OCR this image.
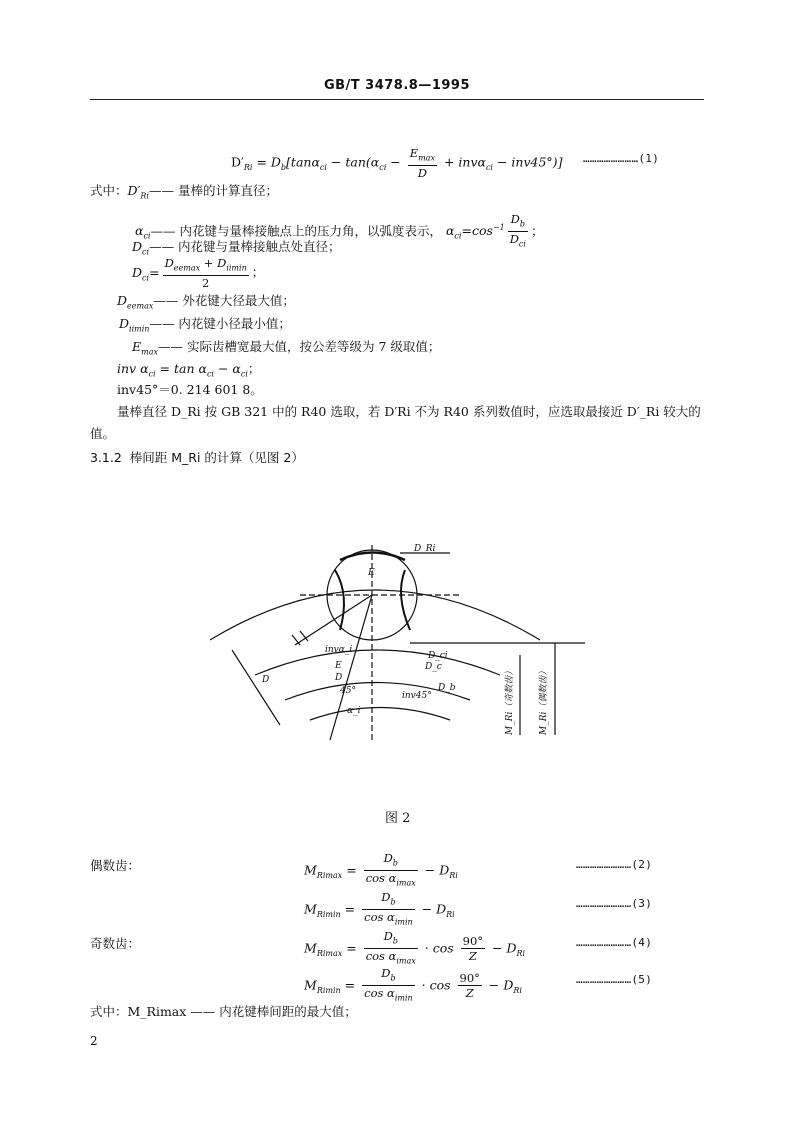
GB/T 3478.8—1995
$D'_{Ri} = D_b[\tan\alpha_{ci} - \tan(\alpha_{ci} - \frac{E_{max}}{D} + inv\alpha_{ci} - inv45^\circ)]$ ……………………(1)
式中：$D'_{Ri}——$ 量棒的计算直径；
$\alpha_{ci}——$ 内花键与量棒接触点上的压力角，以弧度表示， $\alpha_{ci}=\cos^{-1} \frac{D_b}{D_{ci}}$ ；
$D_{ci}——$ 内花键与量棒接触点处直径；
$D_{ci}= \frac{D_{eemax} + D_{iimin}}{2}$ ；
$D_{eemax}——$ 外花键大径最大值；
$D_{iimin}——$ 内花键小径最小值；
$E_{max}——$ 实际齿槽宽最大值，按公差等级为 7 级取值；
inv $\alpha_{ci} = \tan \alpha_{ci} - \alpha_{ci}$；
inv45°＝0. 214 601 8。
量棒直径 D_Ri 按 GB 321 中的 R40 选取，若 D′Ri 不为 R40 系列数值时，应选取最接近 D′_Ri 较大的
值。
3.1.2 棒间距 M_Ri 的计算（见图 2）
D_Ri
E
D
invα_i
E
D
45°	inv45°
α_i
D_ci
D_c
D_b	M_Ri（奇数齿）	M_Ri（偶数齿）
图 2
偶数齿：	$M_{Rimax} = \frac{D_b}{\cos \alpha_{imax}} - D_{Ri}$
……………………(2)
$M_{Rimin} = \frac{D_b}{\cos \alpha_{imin}} - D_{Ri}$
……………………(3)
奇数齿：	$M_{Rimax} = \frac{D_b}{\cos \alpha_{imax}} \cdot \cos \frac{90^\circ}{Z} - D_{Ri}$
……………………(4)
$M_{Rimin} = \frac{D_b}{\cos \alpha_{imin}} \cdot \cos \frac{90^\circ}{Z} - D_{Ri}$
……………………(5)
式中：M_Rimax —— 内花键棒间距的最大值；
2
